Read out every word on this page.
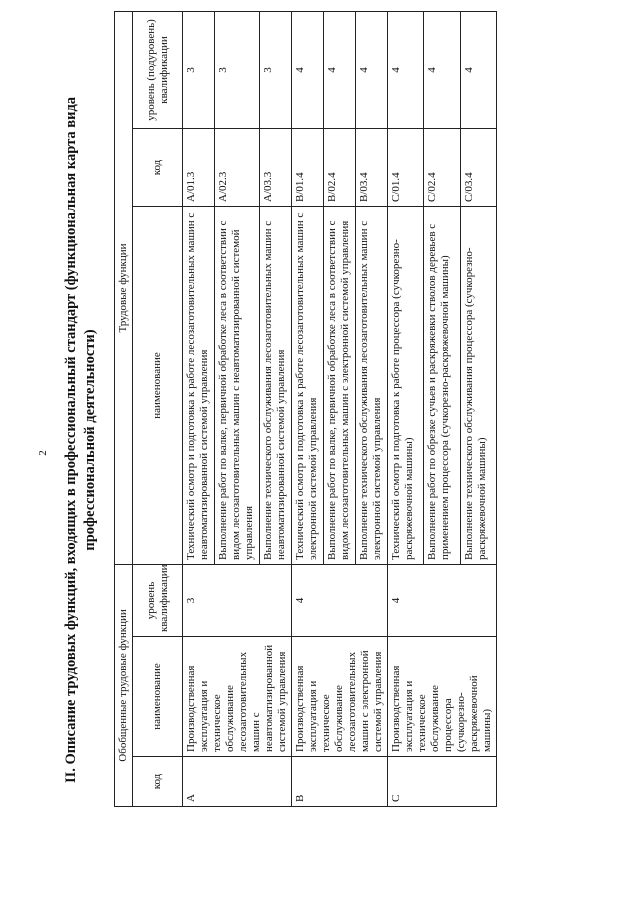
2 II. Описание трудовых функций, входящих в профессиональный стандарт (функциональная карта вида профессиональной деятельности)
Обобщенные трудовые функции			Трудовые функции		
код	наименование	уровень квалификации	наименование	код	уровень (подуровень) квалификации
A	Производственная эксплуатация и техническое обслуживание лесозаготовительных машин с неавтоматизированной системой управления	3	Технический осмотр и подготовка к работе лесозаготовительных машин с неавтоматизированной системой управления	A/01.3	3
			Выполнение работ по валке, первичной обработке леса в соответствии с видом лесозаготовительных машин с неавтоматизированной системой управления	A/02.3	3
			Выполнение технического обслуживания лесозаготовительных машин с неавтоматизированной системой управления	A/03.3	3
B	Производственная эксплуатация и техническое обслуживание лесозаготовительных машин с электронной системой управления	4	Технический осмотр и подготовка к работе лесозаготовительных машин с электронной системой управления	B/01.4	4
			Выполнение работ по валке, первичной обработке леса в соответствии с видом лесозаготовительных машин с электронной системой управления	B/02.4	4
			Выполнение технического обслуживания лесозаготовительных машин с электронной системой управления	B/03.4	4
C	Производственная эксплуатация и техническое обслуживание процессора (сучкорезно-раскряжевочной машины)	4	Технический осмотр и подготовка к работе процессора (сучкорезно-раскряжевочной машины)	C/01.4	4
			Выполнение работ по обрезке сучьев и раскряжевки стволов деревьев с применением процессора (сучкорезно-раскряжевочной машины)	C/02.4	4
			Выполнение технического обслуживания процессора (сучкорезно-раскряжевочной машины)	C/03.4	4
